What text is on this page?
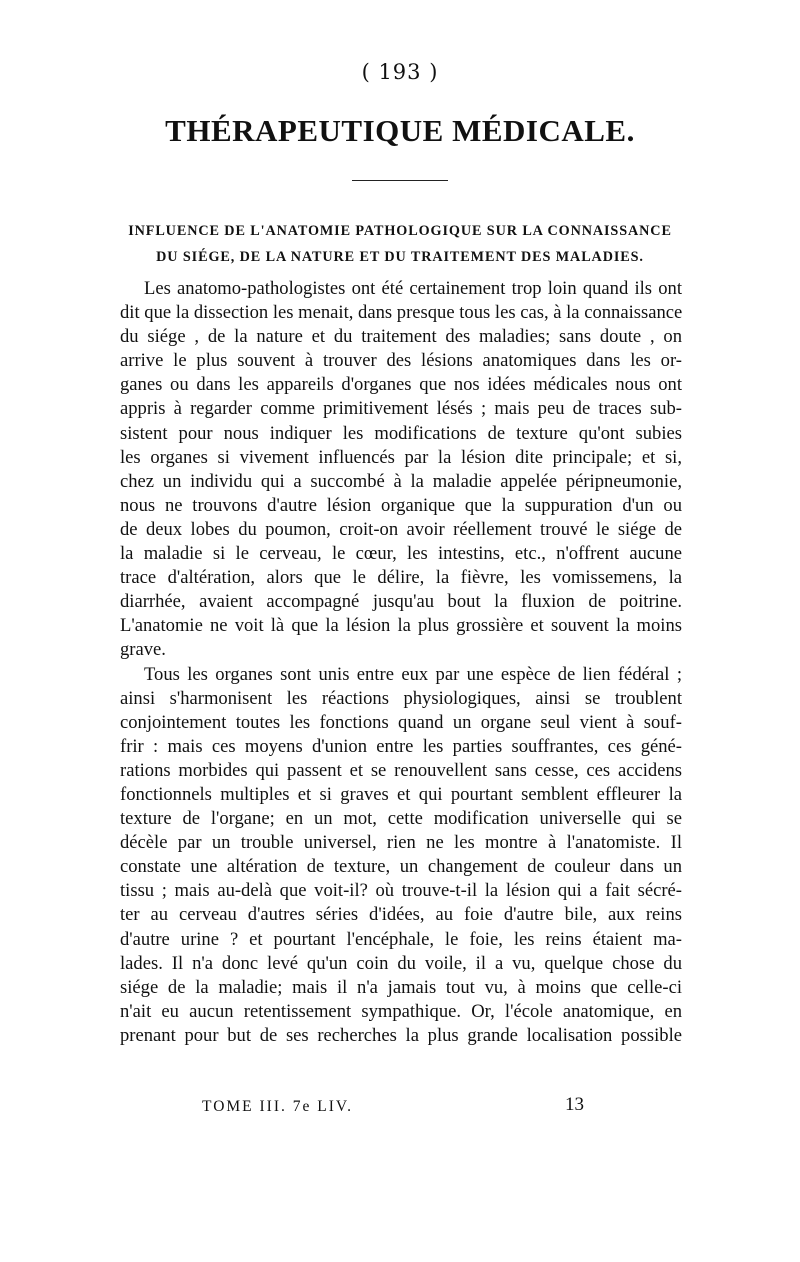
( 193 )
THÉRAPEUTIQUE MÉDICALE.
INFLUENCE DE L'ANATOMIE PATHOLOGIQUE SUR LA CONNAISSANCE
DU SIÉGE, DE LA NATURE ET DU TRAITEMENT DES MALADIES.
Les anatomo-pathologistes ont été certainement trop loin quand ils ont
dit que la dissection les menait, dans presque tous les cas, à la connaissance
du siége , de la nature et du traitement des maladies; sans doute , on
arrive le plus souvent à trouver des lésions anatomiques dans les or-
ganes ou dans les appareils d'organes que nos idées médicales nous ont
appris à regarder comme primitivement lésés ; mais peu de traces sub-
sistent pour nous indiquer les modifications de texture qu'ont subies
les organes si vivement influencés par la lésion dite principale; et si,
chez un individu qui a succombé à la maladie appelée péripneumonie,
nous ne trouvons d'autre lésion organique que la suppuration d'un ou
de deux lobes du poumon, croit-on avoir réellement trouvé le siége de
la maladie si le cerveau, le cœur, les intestins, etc., n'offrent aucune
trace d'altération, alors que le délire, la fièvre, les vomissemens, la
diarrhée, avaient accompagné jusqu'au bout la fluxion de poitrine.
L'anatomie ne voit là que la lésion la plus grossière et souvent la moins
grave.
Tous les organes sont unis entre eux par une espèce de lien fédéral ;
ainsi s'harmonisent les réactions physiologiques, ainsi se troublent
conjointement toutes les fonctions quand un organe seul vient à souf-
frir : mais ces moyens d'union entre les parties souffrantes, ces géné-
rations morbides qui passent et se renouvellent sans cesse, ces accidens
fonctionnels multiples et si graves et qui pourtant semblent effleurer la
texture de l'organe; en un mot, cette modification universelle qui se
décèle par un trouble universel, rien ne les montre à l'anatomiste. Il
constate une altération de texture, un changement de couleur dans un
tissu ; mais au-delà que voit-il? où trouve-t-il la lésion qui a fait sécré-
ter au cerveau d'autres séries d'idées, au foie d'autre bile, aux reins
d'autre urine ? et pourtant l'encéphale, le foie, les reins étaient ma-
lades. Il n'a donc levé qu'un coin du voile, il a vu, quelque chose du
siége de la maladie; mais il n'a jamais tout vu, à moins que celle-ci
n'ait eu aucun retentissement sympathique. Or, l'école anatomique, en
prenant pour but de ses recherches la plus grande localisation possible
TOME III. 7e LIV.	13
